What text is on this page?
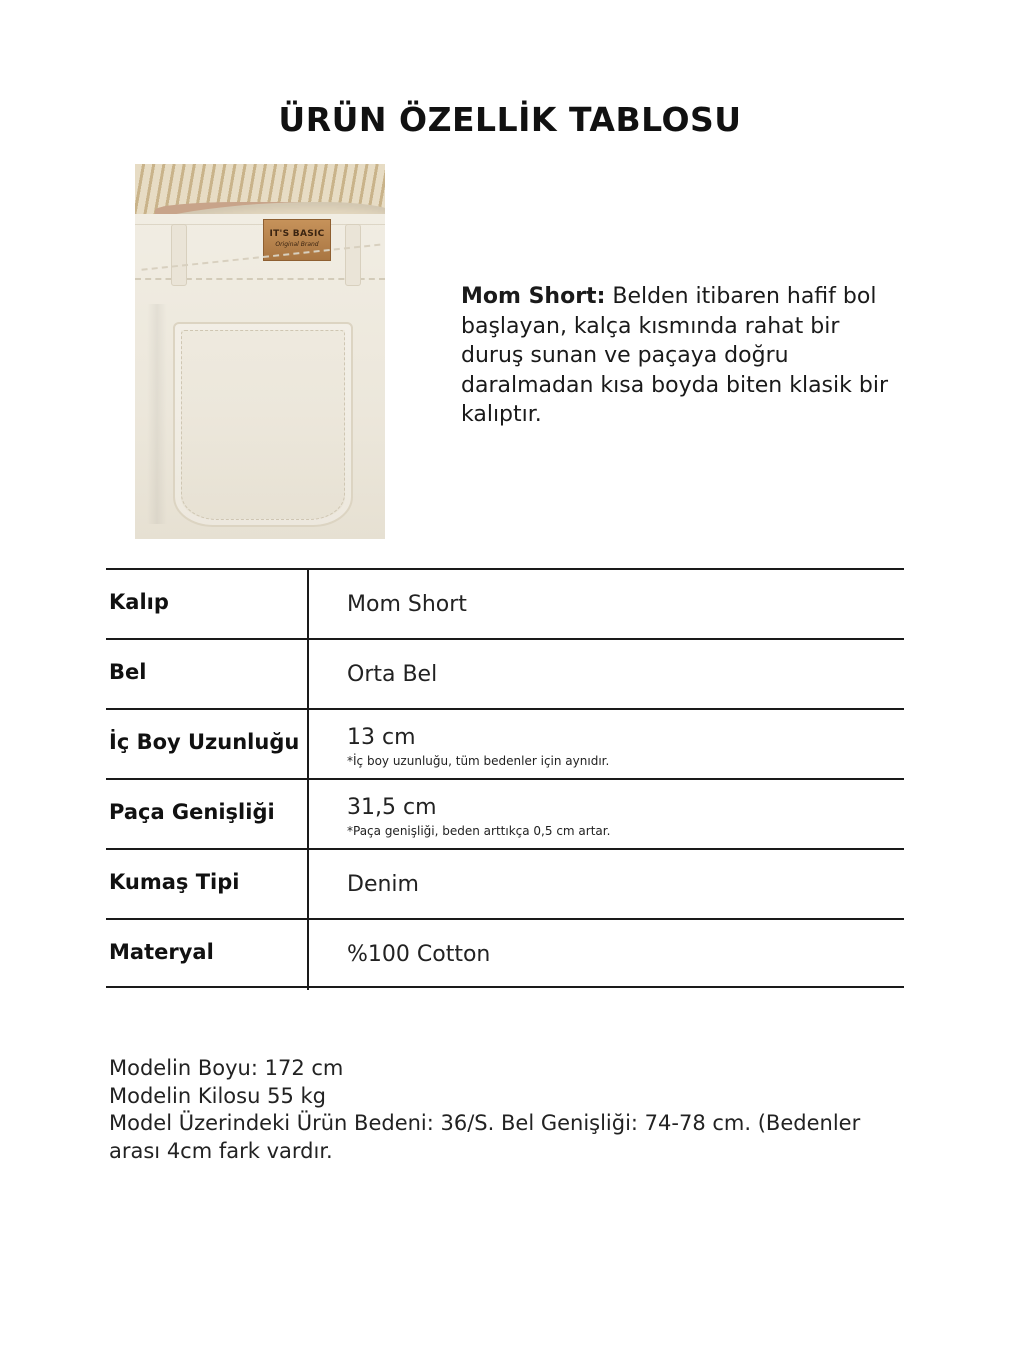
ÜRÜN ÖZELLİK TABLOSU
IT'S BASIC
Original Brand

Mom Short: Belden itibaren hafif bol başlayan, kalça kısmında rahat bir duruş sunan ve paçaya doğru daralmadan kısa boyda biten klasik bir kalıptır.

Kalıp	Mom Short
Bel	Orta Bel
İç Boy Uzunluğu 13 cm
*İç boy uzunluğu, tüm bedenler için aynıdır.
Paça Genişliği	31,5 cm
*Paça genişliği, beden arttıkça 0,5 cm artar.
Kumaş Tipi	Denim
Materyal	%100 Cotton
Modelin Boyu: 172 cm
Modelin Kilosu 55 kg
Model Üzerindeki Ürün Bedeni: 36/S. Bel Genişliği: 74-78 cm. (Bedenler arası 4cm fark vardır.
